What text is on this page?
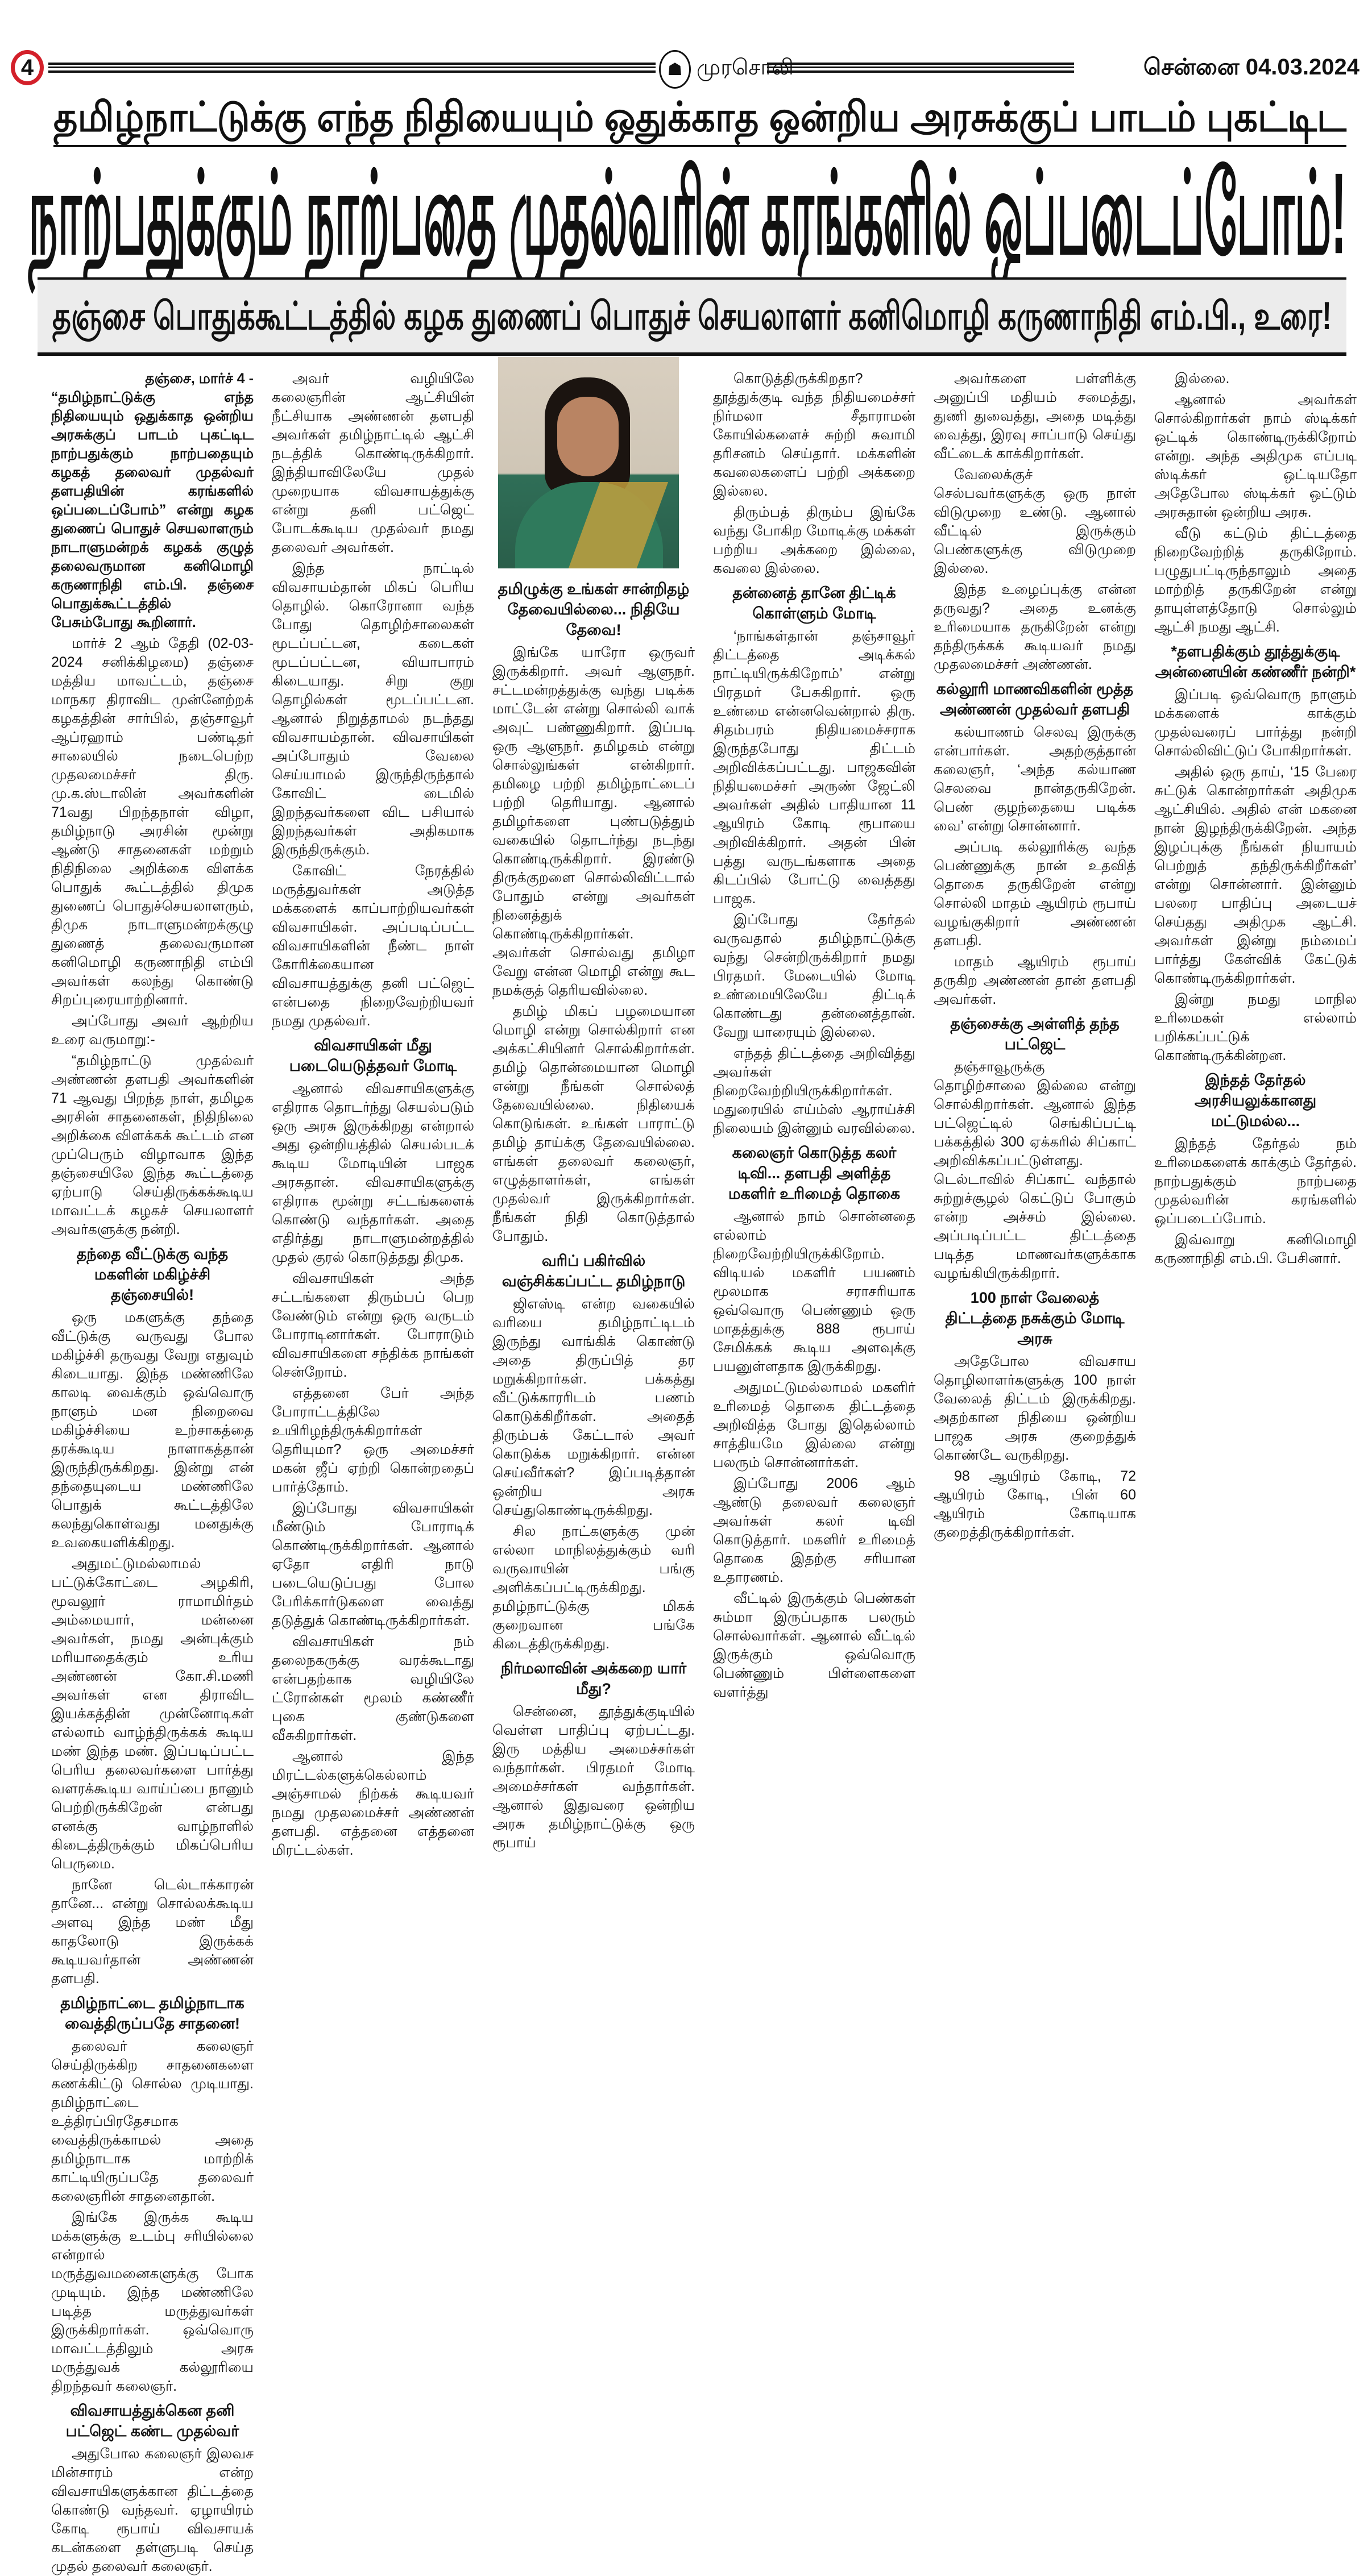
4	☗ முரசொலி	சென்னை 04.03.2024
தமிழ்நாட்டுக்கு எந்த நிதியையும் ஒதுக்காத ஒன்றிய அரசுக்குப் பாடம் புகட்டிட
நாற்பதுக்கும் நாற்பதை முதல்வரின் கரங்களில் ஒப்படைப்போம்!
தஞ்சை பொதுக்கூட்டத்தில் கழக துணைப் பொதுச் செயலாளர் கனிமொழி கருணாநிதி எம்.பி., உரை!
தஞ்சை, மார்ச் 4 -

“தமிழ்நாட்டுக்கு எந்த நிதியையும் ஒதுக்காத ஒன்றிய அரசுக்குப் பாடம் புகட்டிட நாற்பதுக்கும் நாற்பதையும் கழகத் தலைவர் முதல்வர் தளபதியின் கரங்களில் ஒப்படைப்போம்” என்று கழக துணைப் பொதுச் செயலாளரும் நாடாளுமன்றக் கழகக் குழுத் தலைவருமான கனிமொழி கருணாநிதி எம்.பி. தஞ்சை பொதுக்கூட்டத்தில் பேசும்போது கூறினார்.

மார்ச் 2 ஆம் தேதி (02-03-2024 சனிக்கிழமை) தஞ்சை மத்திய மாவட்டம், தஞ்சை மாநகர திராவிட முன்னேற்றக் கழகத்தின் சார்பில், தஞ்சாவூர் ஆப்ரஹாம் பண்டிதர் சாலையில் நடைபெற்ற முதலமைச்சர் திரு. மு.க.ஸ்டாலின் அவர்களின் 71வது பிறந்தநாள் விழா, தமிழ்நாடு அரசின் மூன்று ஆண்டு சாதனைகள் மற்றும் நிதிநிலை அறிக்கை விளக்க பொதுக் கூட்டத்தில் திமுக துணைப் பொதுச்செயலாளரும், திமுக நாடாளுமன்றக்குழு துணைத் தலைவருமான கனிமொழி கருணாநிதி எம்பி அவர்கள் கலந்து கொண்டு சிறப்புரையாற்றினார்.

அப்போது அவர் ஆற்றிய உரை வருமாறு:-

“தமிழ்நாட்டு முதல்வர் அண்ணன் தளபதி அவர்களின் 71 ஆவது பிறந்த நாள், தமிழக அரசின் சாதனைகள், நிதிநிலை அறிக்கை விளக்கக் கூட்டம் என முப்பெரும் விழாவாக இந்த தஞ்சையிலே இந்த கூட்டத்தை ஏற்பாடு செய்திருக்கக்கூடிய மாவட்டக் கழகச் செயலாளர் அவர்களுக்கு நன்றி.

தந்தை வீட்டுக்கு வந்த மகளின் மகிழ்ச்சி தஞ்சையில்!

ஒரு மகளுக்கு தந்தை வீட்டுக்கு வருவது போல மகிழ்ச்சி தருவது வேறு எதுவும் கிடையாது. இந்த மண்ணிலே காலடி வைக்கும் ஒவ்வொரு நாளும் மன நிறைவை மகிழ்ச்சியை உற்சாகத்தை தரக்கூடிய நாளாகத்தான் இருந்திருக்கிறது. இன்று என் தந்தையுடைய மண்ணிலே பொதுக் கூட்டத்திலே கலந்துகொள்வது மனதுக்கு உவகையளிக்கிறது.

அதுமட்டுமல்லாமல் பட்டுக்கோட்டை அழகிரி, மூவலூர் ராமாமிர்தம் அம்மையார், மன்னை அவர்கள், நமது அன்புக்கும் மரியாதைக்கும் உரிய அண்ணன் கோ.சி.மணி அவர்கள் என திராவிட இயக்கத்தின் முன்னோடிகள் எல்லாம் வாழ்ந்திருக்கக் கூடிய மண் இந்த மண். இப்படிப்பட்ட பெரிய தலைவர்களை பார்த்து வளரக்கூடிய வாய்ப்பை நானும் பெற்றிருக்கிறேன் என்பது எனக்கு வாழ்நாளில் கிடைத்திருக்கும் மிகப்பெரிய பெருமை.

நானே டெல்டாக்காரன் தானே... என்று சொல்லக்கூடிய அளவு இந்த மண் மீது காதலோடு இருக்கக் கூடியவர்தான் அண்ணன் தளபதி.

தமிழ்நாட்டை தமிழ்நாடாக வைத்திருப்பதே சாதனை!

தலைவர் கலைஞர் செய்திருக்கிற சாதனைகளை கணக்கிட்டு சொல்ல முடியாது. தமிழ்நாட்டை உத்திரப்பிரதேசமாக வைத்திருக்காமல் அதை தமிழ்நாடாக மாற்றிக் காட்டியிருப்பதே தலைவர் கலைஞரின் சாதனைதான்.

இங்கே இருக்க கூடிய மக்களுக்கு உடம்பு சரியில்லை என்றால் மருத்துவமனைகளுக்கு போக முடியும். இந்த மண்ணிலே படித்த மருத்துவர்கள் இருக்கிறார்கள். ஒவ்வொரு மாவட்டத்திலும் அரசு மருத்துவக் கல்லூரியை திறந்தவர் கலைஞர்.

விவசாயத்துக்கென தனி பட்ஜெட் கண்ட முதல்வர்

அதுபோல கலைஞர் இலவச மின்சாரம் என்ற விவசாயிகளுக்கான திட்டத்தை கொண்டு வந்தவர். ஏழாயிரம் கோடி ரூபாய் விவசாயக் கடன்களை தள்ளுபடி செய்த முதல் தலைவர் கலைஞர்.

அவர் வழியிலே கலைஞரின் ஆட்சியின் நீட்சியாக அண்ணன் தளபதி அவர்கள் தமிழ்நாட்டில் ஆட்சி நடத்திக் கொண்டிருக்கிறார். இந்தியாவிலேயே முதல் முறையாக விவசாயத்துக்கு என்று தனி பட்ஜெட் போடக்கூடிய முதல்வர் நமது தலைவர் அவர்கள்.

இந்த நாட்டில் விவசாயம்தான் மிகப் பெரிய தொழில். கொரோனா வந்த போது தொழிற்சாலைகள் மூடப்பட்டன, கடைகள் மூடப்பட்டன, வியாபாரம் கிடையாது. சிறு குறு தொழில்கள் மூடப்பட்டன. ஆனால் நிறுத்தாமல் நடந்தது விவசாயம்தான். விவசாயிகள் அப்போதும் வேலை செய்யாமல் இருந்திருந்தால் கோவிட் டைமில் இறந்தவர்களை விட பசியால் இறந்தவர்கள் அதிகமாக இருந்திருக்கும்.

கோவிட் நேரத்தில் மருத்துவர்கள் அடுத்த மக்களைக் காப்பாற்றியவர்கள் விவசாயிகள். அப்படிப்பட்ட விவசாயிகளின் நீண்ட நாள் கோரிக்கையான விவசாயத்துக்கு தனி பட்ஜெட் என்பதை நிறைவேற்றியவர் நமது முதல்வர்.

விவசாயிகள் மீது படையெடுத்தவர் மோடி

ஆனால் விவசாயிகளுக்கு எதிராக தொடர்ந்து செயல்படும் ஒரு அரசு இருக்கிறது என்றால் அது ஒன்றியத்தில் செயல்படக் கூடிய மோடியின் பாஜக அரசுதான். விவசாயிகளுக்கு எதிராக மூன்று சட்டங்களைக் கொண்டு வந்தார்கள். அதை எதிர்த்து நாடாளுமன்றத்தில் முதல் குரல் கொடுத்தது திமுக.

விவசாயிகள் அந்த சட்டங்களை திரும்பப் பெற வேண்டும் என்று ஒரு வருடம் போராடினார்கள். போராடும் விவசாயிகளை சந்திக்க நாங்கள் சென்றோம்.

எத்தனை பேர் அந்த போராட்டத்திலே உயிரிழந்திருக்கிறார்கள் தெரியுமா? ஒரு அமைச்சர் மகன் ஜீப் ஏற்றி கொன்றதைப் பார்த்தோம்.

இப்போது விவசாயிகள் மீண்டும் போராடிக் கொண்டிருக்கிறார்கள். ஆனால் ஏதோ எதிரி நாடு படையெடுப்பது போல பேரிக்கார்டுகளை வைத்து தடுத்துக் கொண்டிருக்கிறார்கள்.

விவசாயிகள் நம் தலைநகருக்கு வரக்கூடாது என்பதற்காக வழியிலே ட்ரோன்கள் மூலம் கண்ணீர் புகை குண்டுகளை வீசுகிறார்கள்.

ஆனால் இந்த மிரட்டல்களுக்கெல்லாம் அஞ்சாமல் நிற்கக் கூடியவர் நமது முதலமைச்சர் அண்ணன் தளபதி. எத்தனை எத்தனை மிரட்டல்கள்.

தமிழுக்கு உங்கள் சான்றிதழ் தேவையில்லை... நிதியே தேவை!

இங்கே யாரோ ஒருவர் இருக்கிறார். அவர் ஆளுநர். சட்டமன்றத்துக்கு வந்து படிக்க மாட்டேன் என்று சொல்லி வாக் அவுட் பண்ணுகிறார். இப்படி ஒரு ஆளுநர். தமிழகம் என்று சொல்லுங்கள் என்கிறார். தமிழை பற்றி தமிழ்நாட்டைப் பற்றி தெரியாது. ஆனால் தமிழர்களை புண்படுத்தும் வகையில் தொடர்ந்து நடந்து கொண்டிருக்கிறார். இரண்டு திருக்குறளை சொல்லிவிட்டால் போதும் என்று அவர்கள் நினைத்துக் கொண்டிருக்கிறார்கள். அவர்கள் சொல்வது தமிழா வேறு என்ன மொழி என்று கூட நமக்குத் தெரியவில்லை.

தமிழ் மிகப் பழமையான மொழி என்று சொல்கிறார் என அக்கட்சியினர் சொல்கிறார்கள். தமிழ் தொன்மையான மொழி என்று நீங்கள் சொல்லத் தேவையில்லை. நிதியைக் கொடுங்கள். உங்கள் பாராட்டு தமிழ் தாய்க்கு தேவையில்லை. எங்கள் தலைவர் கலைஞர், எழுத்தாளர்கள், எங்கள் முதல்வர் இருக்கிறார்கள். நீங்கள் நிதி கொடுத்தால் போதும்.

வரிப் பகிர்வில் வஞ்சிக்கப்பட்ட தமிழ்நாடு

ஜிஎஸ்டி என்ற வகையில் வரியை தமிழ்நாட்டிடம் இருந்து வாங்கிக் கொண்டு அதை திருப்பித் தர மறுக்கிறார்கள். பக்கத்து வீட்டுக்காரரிடம் பணம் கொடுக்கிறீர்கள். அதைத் திரும்பக் கேட்டால் அவர் கொடுக்க மறுக்கிறார். என்ன செய்வீர்கள்? இப்படித்தான் ஒன்றிய அரசு செய்துகொண்டிருக்கிறது.

சில நாட்களுக்கு முன் எல்லா மாநிலத்துக்கும் வரி வருவாயின் பங்கு அளிக்கப்பட்டிருக்கிறது. தமிழ்நாட்டுக்கு மிகக் குறைவான பங்கே கிடைத்திருக்கிறது.

நிர்மலாவின் அக்கறை யார் மீது?

சென்னை, தூத்துக்குடியில் வெள்ள பாதிப்பு ஏற்பட்டது. இரு மத்திய அமைச்சர்கள் வந்தார்கள். பிரதமர் மோடி அமைச்சர்கள் வந்தார்கள். ஆனால் இதுவரை ஒன்றிய அரசு தமிழ்நாட்டுக்கு ஒரு ரூபாய்

கொடுத்திருக்கிறதா? தூத்துக்குடி வந்த நிதியமைச்சர் நிர்மலா சீதாராமன் கோயில்களைச் சுற்றி சுவாமி தரிசனம் செய்தார். மக்களின் கவலைகளைப் பற்றி அக்கறை இல்லை.

திரும்பத் திரும்ப இங்கே வந்து போகிற மோடிக்கு மக்கள் பற்றிய அக்கறை இல்லை, கவலை இல்லை.

தன்னைத் தானே திட்டிக் கொள்ளும் மோடி

‘நாங்கள்தான் தஞ்சாவூர் திட்டத்தை அடிக்கல் நாட்டியிருக்கிறோம்’ என்று பிரதமர் பேசுகிறார். ஒரு உண்மை என்னவென்றால் திரு. சிதம்பரம் நிதியமைச்சராக இருந்தபோது திட்டம் அறிவிக்கப்பட்டது. பாஜகவின் நிதியமைச்சர் அருண் ஜேட்லி அவர்கள் அதில் பாதியான 11 ஆயிரம் கோடி ரூபாயை அறிவிக்கிறார். அதன் பின் பத்து வருடங்களாக அதை கிடப்பில் போட்டு வைத்தது பாஜக.

இப்போது தேர்தல் வருவதால் தமிழ்நாட்டுக்கு வந்து சென்றிருக்கிறார் நமது பிரதமர். மேடையில் மோடி உண்மையிலேயே திட்டிக் கொண்டது தன்னைத்தான். வேறு யாரையும் இல்லை.

எந்தத் திட்டத்தை அறிவித்து அவர்கள் நிறைவேற்றியிருக்கிறார்கள். மதுரையில் எய்ம்ஸ் ஆராய்ச்சி நிலையம் இன்னும் வரவில்லை.

கலைஞர் கொடுத்த கலர் டிவி... தளபதி அளித்த மகளிர் உரிமைத் தொகை

ஆனால் நாம் சொன்னதை எல்லாம் நிறைவேற்றியிருக்கிறோம். விடியல் மகளிர் பயணம் மூலமாக சராசரியாக ஒவ்வொரு பெண்ணும் ஒரு மாதத்துக்கு 888 ரூபாய் சேமிக்கக் கூடிய அளவுக்கு பயனுள்ளதாக இருக்கிறது.

அதுமட்டுமல்லாமல் மகளிர் உரிமைத் தொகை திட்டத்தை அறிவித்த போது இதெல்லாம் சாத்தியமே இல்லை என்று பலரும் சொன்னார்கள்.

இப்போது 2006 ஆம் ஆண்டு தலைவர் கலைஞர் அவர்கள் கலர் டிவி கொடுத்தார். மகளிர் உரிமைத் தொகை இதற்கு சரியான உதாரணம்.

வீட்டில் இருக்கும் பெண்கள் சும்மா இருப்பதாக பலரும் சொல்வார்கள். ஆனால் வீட்டில் இருக்கும் ஒவ்வொரு பெண்ணும் பிள்ளைகளை வளர்த்து

அவர்களை பள்ளிக்கு அனுப்பி மதியம் சமைத்து, துணி துவைத்து, அதை மடித்து வைத்து, இரவு சாப்பாடு செய்து வீட்டைக் காக்கிறார்கள்.

வேலைக்குச் செல்பவர்களுக்கு ஒரு நாள் விடுமுறை உண்டு. ஆனால் வீட்டில் இருக்கும் பெண்களுக்கு விடுமுறை இல்லை.

இந்த உழைப்புக்கு என்ன தருவது? அதை உனக்கு உரிமையாக தருகிறேன் என்று தந்திருக்கக் கூடியவர் நமது முதலமைச்சர் அண்ணன்.

கல்லூரி மாணவிகளின் மூத்த அண்ணன் முதல்வர் தளபதி

கல்யாணம் செலவு இருக்கு என்பார்கள். அதற்குத்தான் கலைஞர், ‘அந்த கல்யாண செலவை நான்தருகிறேன். பெண் குழந்தையை படிக்க வை’ என்று சொன்னார்.

அப்படி கல்லூரிக்கு வந்த பெண்ணுக்கு நான் உதவித் தொகை தருகிறேன் என்று சொல்லி மாதம் ஆயிரம் ரூபாய் வழங்குகிறார் அண்ணன் தளபதி.

மாதம் ஆயிரம் ரூபாய் தருகிற அண்ணன் தான் தளபதி அவர்கள்.

தஞ்சைக்கு அள்ளித் தந்த பட்ஜெட்

தஞ்சாவூருக்கு தொழிற்சாலை இல்லை என்று சொல்கிறார்கள். ஆனால் இந்த பட்ஜெட்டில் செங்கிப்பட்டி பக்கத்தில் 300 ஏக்கரில் சிப்காட் அறிவிக்கப்பட்டுள்ளது. டெல்டாவில் சிப்காட் வந்தால் சுற்றுச்சூழல் கெட்டுப் போகும் என்ற அச்சம் இல்லை. அப்படிப்பட்ட திட்டத்தை படித்த மாணவர்களுக்காக வழங்கியிருக்கிறார்.

100 நாள் வேலைத் திட்டத்தை நசுக்கும் மோடி அரசு

அதேபோல விவசாய தொழிலாளர்களுக்கு 100 நாள் வேலைத் திட்டம் இருக்கிறது. அதற்கான நிதியை ஒன்றிய பாஜக அரசு குறைத்துக் கொண்டே வருகிறது.

98 ஆயிரம் கோடி, 72 ஆயிரம் கோடி, பின் 60 ஆயிரம் கோடியாக குறைத்திருக்கிறார்கள்.

இல்லை.

ஆனால் அவர்கள் சொல்கிறார்கள் நாம் ஸ்டிக்கர் ஒட்டிக் கொண்டிருக்கிறோம் என்று. அந்த அதிமுக எப்படி ஸ்டிக்கர் ஒட்டியதோ அதேபோல ஸ்டிக்கர் ஒட்டும் அரசுதான் ஒன்றிய அரசு.

வீடு கட்டும் திட்டத்தை நிறைவேற்றித் தருகிறோம். பழுதுபட்டிருந்தாலும் அதை மாற்றித் தருகிறேன் என்று தாயுள்ளத்தோடு சொல்லும் ஆட்சி நமது ஆட்சி.

*தளபதிக்கும் தூத்துக்குடி அன்னையின் கண்ணீர் நன்றி*

இப்படி ஒவ்வொரு நாளும் மக்களைக் காக்கும் முதல்வரைப் பார்த்து நன்றி சொல்லிவிட்டுப் போகிறார்கள்.

அதில் ஒரு தாய், ‘15 பேரை சுட்டுக் கொன்றார்கள் அதிமுக ஆட்சியில். அதில் என் மகனை நான் இழந்திருக்கிறேன். அந்த இழப்புக்கு நீங்கள் நியாயம் பெற்றுத் தந்திருக்கிறீர்கள்’ என்று சொன்னார். இன்னும் பலரை பாதிப்பு அடையச் செய்தது அதிமுக ஆட்சி. அவர்கள் இன்று நம்மைப் பார்த்து கேள்விக் கேட்டுக் கொண்டிருக்கிறார்கள்.

இன்று நமது மாநில உரிமைகள் எல்லாம் பறிக்கப்பட்டுக் கொண்டிருக்கின்றன.

இந்தத் தேர்தல் அரசியலுக்கானது மட்டுமல்ல...

இந்தத் தேர்தல் நம் உரிமைகளைக் காக்கும் தேர்தல். நாற்பதுக்கும் நாற்பதை முதல்வரின் கரங்களில் ஒப்படைப்போம்.

இவ்வாறு கனிமொழி கருணாநிதி எம்.பி. பேசினார்.
